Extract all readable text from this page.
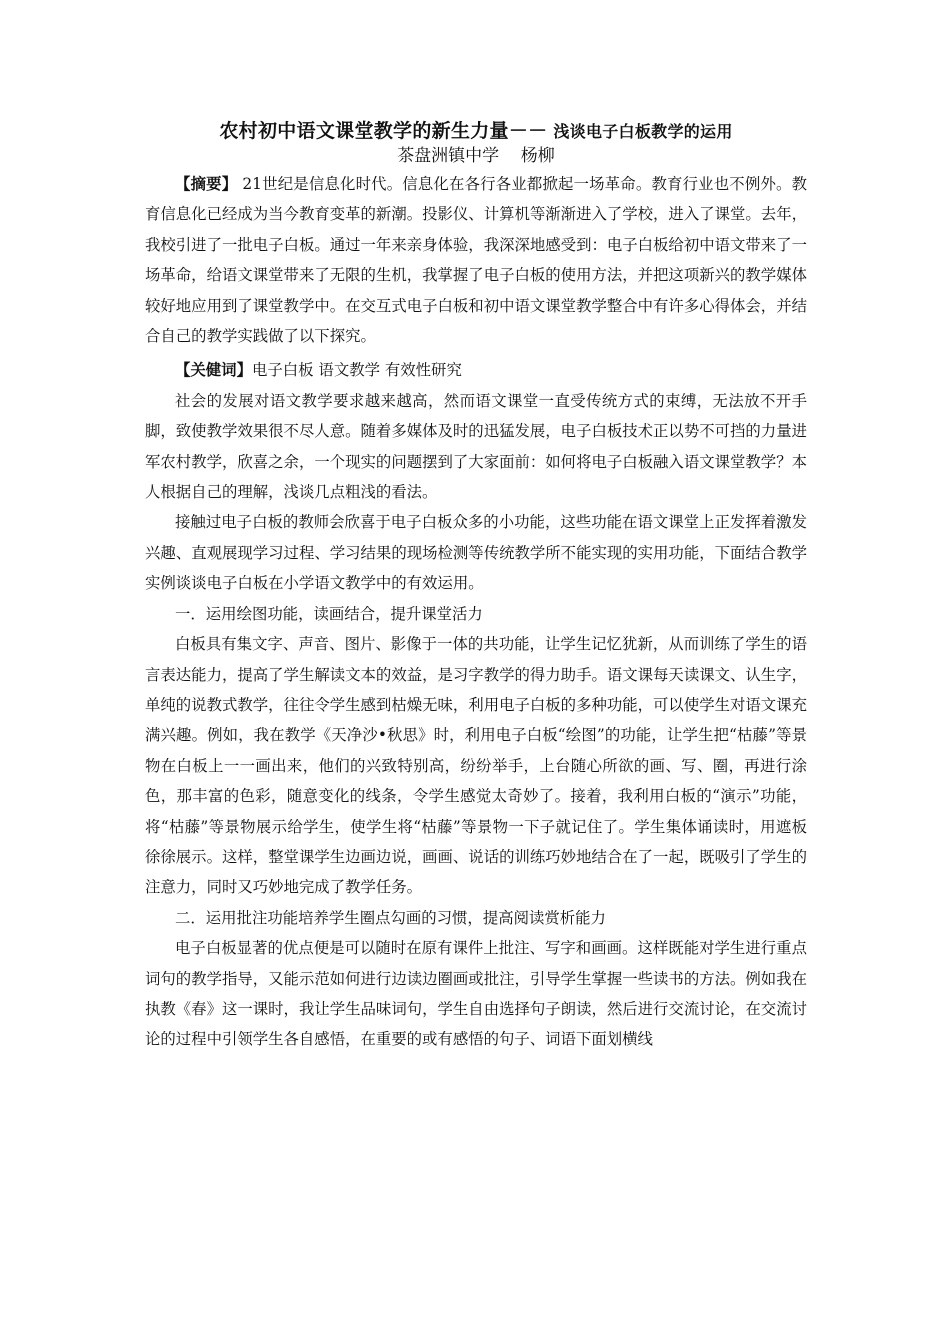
农村初中语文课堂教学的新生力量－－ 浅谈电子白板教学的运用
茶盘洲镇中学    杨柳

【摘要】 21世纪是信息化时代。信息化在各行各业都掀起一场革命。教育行业也不例外。教育信息化已经成为当今教育变革的新潮。投影仪、计算机等渐渐进入了学校，进入了课堂。去年，我校引进了一批电子白板。通过一年来亲身体验，我深深地感受到：电子白板给初中语文带来了一场革命，给语文课堂带来了无限的生机，我掌握了电子白板的使用方法，并把这项新兴的教学媒体较好地应用到了课堂教学中。在交互式电子白板和初中语文课堂教学整合中有许多心得体会，并结合自己的教学实践做了以下探究。

【关健词】电子白板 语文教学 有效性研究

社会的发展对语文教学要求越来越高，然而语文课堂一直受传统方式的束缚，无法放不开手脚，致使教学效果很不尽人意。随着多媒体及时的迅猛发展，电子白板技术正以势不可挡的力量进军农村教学，欣喜之余，一个现实的问题摆到了大家面前：如何将电子白板融入语文课堂教学？本人根据自己的理解，浅谈几点粗浅的看法。

接触过电子白板的教师会欣喜于电子白板众多的小功能，这些功能在语文课堂上正发挥着激发兴趣、直观展现学习过程、学习结果的现场检测等传统教学所不能实现的实用功能，下面结合教学实例谈谈电子白板在小学语文教学中的有效运用。

一．运用绘图功能，读画结合，提升课堂活力

白板具有集文字、声音、图片、影像于一体的共功能，让学生记忆犹新，从而训练了学生的语言表达能力，提高了学生解读文本的效益，是习字教学的得力助手。语文课每天读课文、认生字，单纯的说教式教学，往往令学生感到枯燥无味，利用电子白板的多种功能，可以使学生对语文课充满兴趣。例如，我在教学《天净沙•秋思》时，利用电子白板“绘图”的功能，让学生把“枯藤”等景物在白板上一一画出来，他们的兴致特别高，纷纷举手，上台随心所欲的画、写、圈，再进行涂色，那丰富的色彩，随意变化的线条，令学生感觉太奇妙了。接着，我利用白板的“演示”功能，将“枯藤”等景物展示给学生，使学生将“枯藤”等景物一下子就记住了。学生集体诵读时，用遮板徐徐展示。这样，整堂课学生边画边说，画画、说话的训练巧妙地结合在了一起，既吸引了学生的注意力，同时又巧妙地完成了教学任务。

二．运用批注功能培养学生圈点勾画的习惯，提高阅读赏析能力

电子白板显著的优点便是可以随时在原有课件上批注、写字和画画。这样既能对学生进行重点词句的教学指导，又能示范如何进行边读边圈画或批注，引导学生掌握一些读书的方法。例如我在执教《春》这一课时，我让学生品味词句，学生自由选择句子朗读，然后进行交流讨论，在交流讨论的过程中引领学生各自感悟，在重要的或有感悟的句子、词语下面划横线
